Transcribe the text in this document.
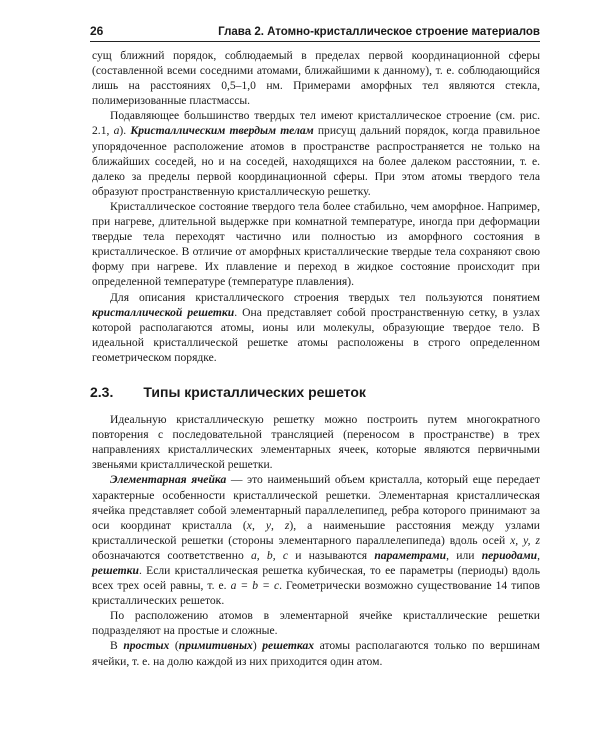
26	Глава 2. Атомно-кристаллическое строение материалов

сущ ближний порядок, соблюдаемый в пределах первой координационной сферы (составленной всеми соседними атомами, ближайшими к данному), т. е. соблюдающийся лишь на расстояниях 0,5–1,0 нм. Примерами аморфных тел являются стекла, полимеризованные пластмассы.

Подавляющее большинство твердых тел имеют кристаллическое строение (см. рис. 2.1, а). Кристаллическим твердым телам присущ дальний порядок, когда правильное упорядоченное расположение атомов в пространстве распространяется не только на ближайших соседей, но и на соседей, находящихся на более далеком расстоянии, т. е. далеко за пределы первой координационной сферы. При этом атомы твердого тела образуют пространственную кристаллическую решетку.

Кристаллическое состояние твердого тела более стабильно, чем аморфное. Например, при нагреве, длительной выдержке при комнатной температуре, иногда при деформации твердые тела переходят частично или полностью из аморфного состояния в кристаллическое. В отличие от аморфных кристаллические твердые тела сохраняют свою форму при нагреве. Их плавление и переход в жидкое состояние происходит при определенной температуре (температуре плавления).

Для описания кристаллического строения твердых тел пользуются понятием кристаллической решетки. Она представляет собой пространственную сетку, в узлах которой располагаются атомы, ионы или молекулы, образующие твердое тело. В идеальной кристаллической решетке атомы расположены в строго определенном геометрическом порядке.

2.3. Типы кристаллических решеток

Идеальную кристаллическую решетку можно построить путем многократного повторения с последовательной трансляцией (переносом в пространстве) в трех направлениях кристаллических элементарных ячеек, которые являются первичными звеньями кристаллической решетки.

Элементарная ячейка — это наименьший объем кристалла, который еще передает характерные особенности кристаллической решетки. Элементарная кристаллическая ячейка представляет собой элементарный параллелепипед, ребра которого принимают за оси координат кристалла (x, y, z), а наименьшие расстояния между узлами кристаллической решетки (стороны элементарного параллелепипеда) вдоль осей x, y, z обозначаются соответственно a, b, c и называются параметрами, или периодами, решетки. Если кристаллическая решетка кубическая, то ее параметры (периоды) вдоль всех трех осей равны, т. е. a = b = c. Геометрически возможно существование 14 типов кристаллических решеток.

По расположению атомов в элементарной ячейке кристаллические решетки подразделяют на простые и сложные.

В простых (примитивных) решетках атомы располагаются только по вершинам ячейки, т. е. на долю каждой из них приходится один атом.
